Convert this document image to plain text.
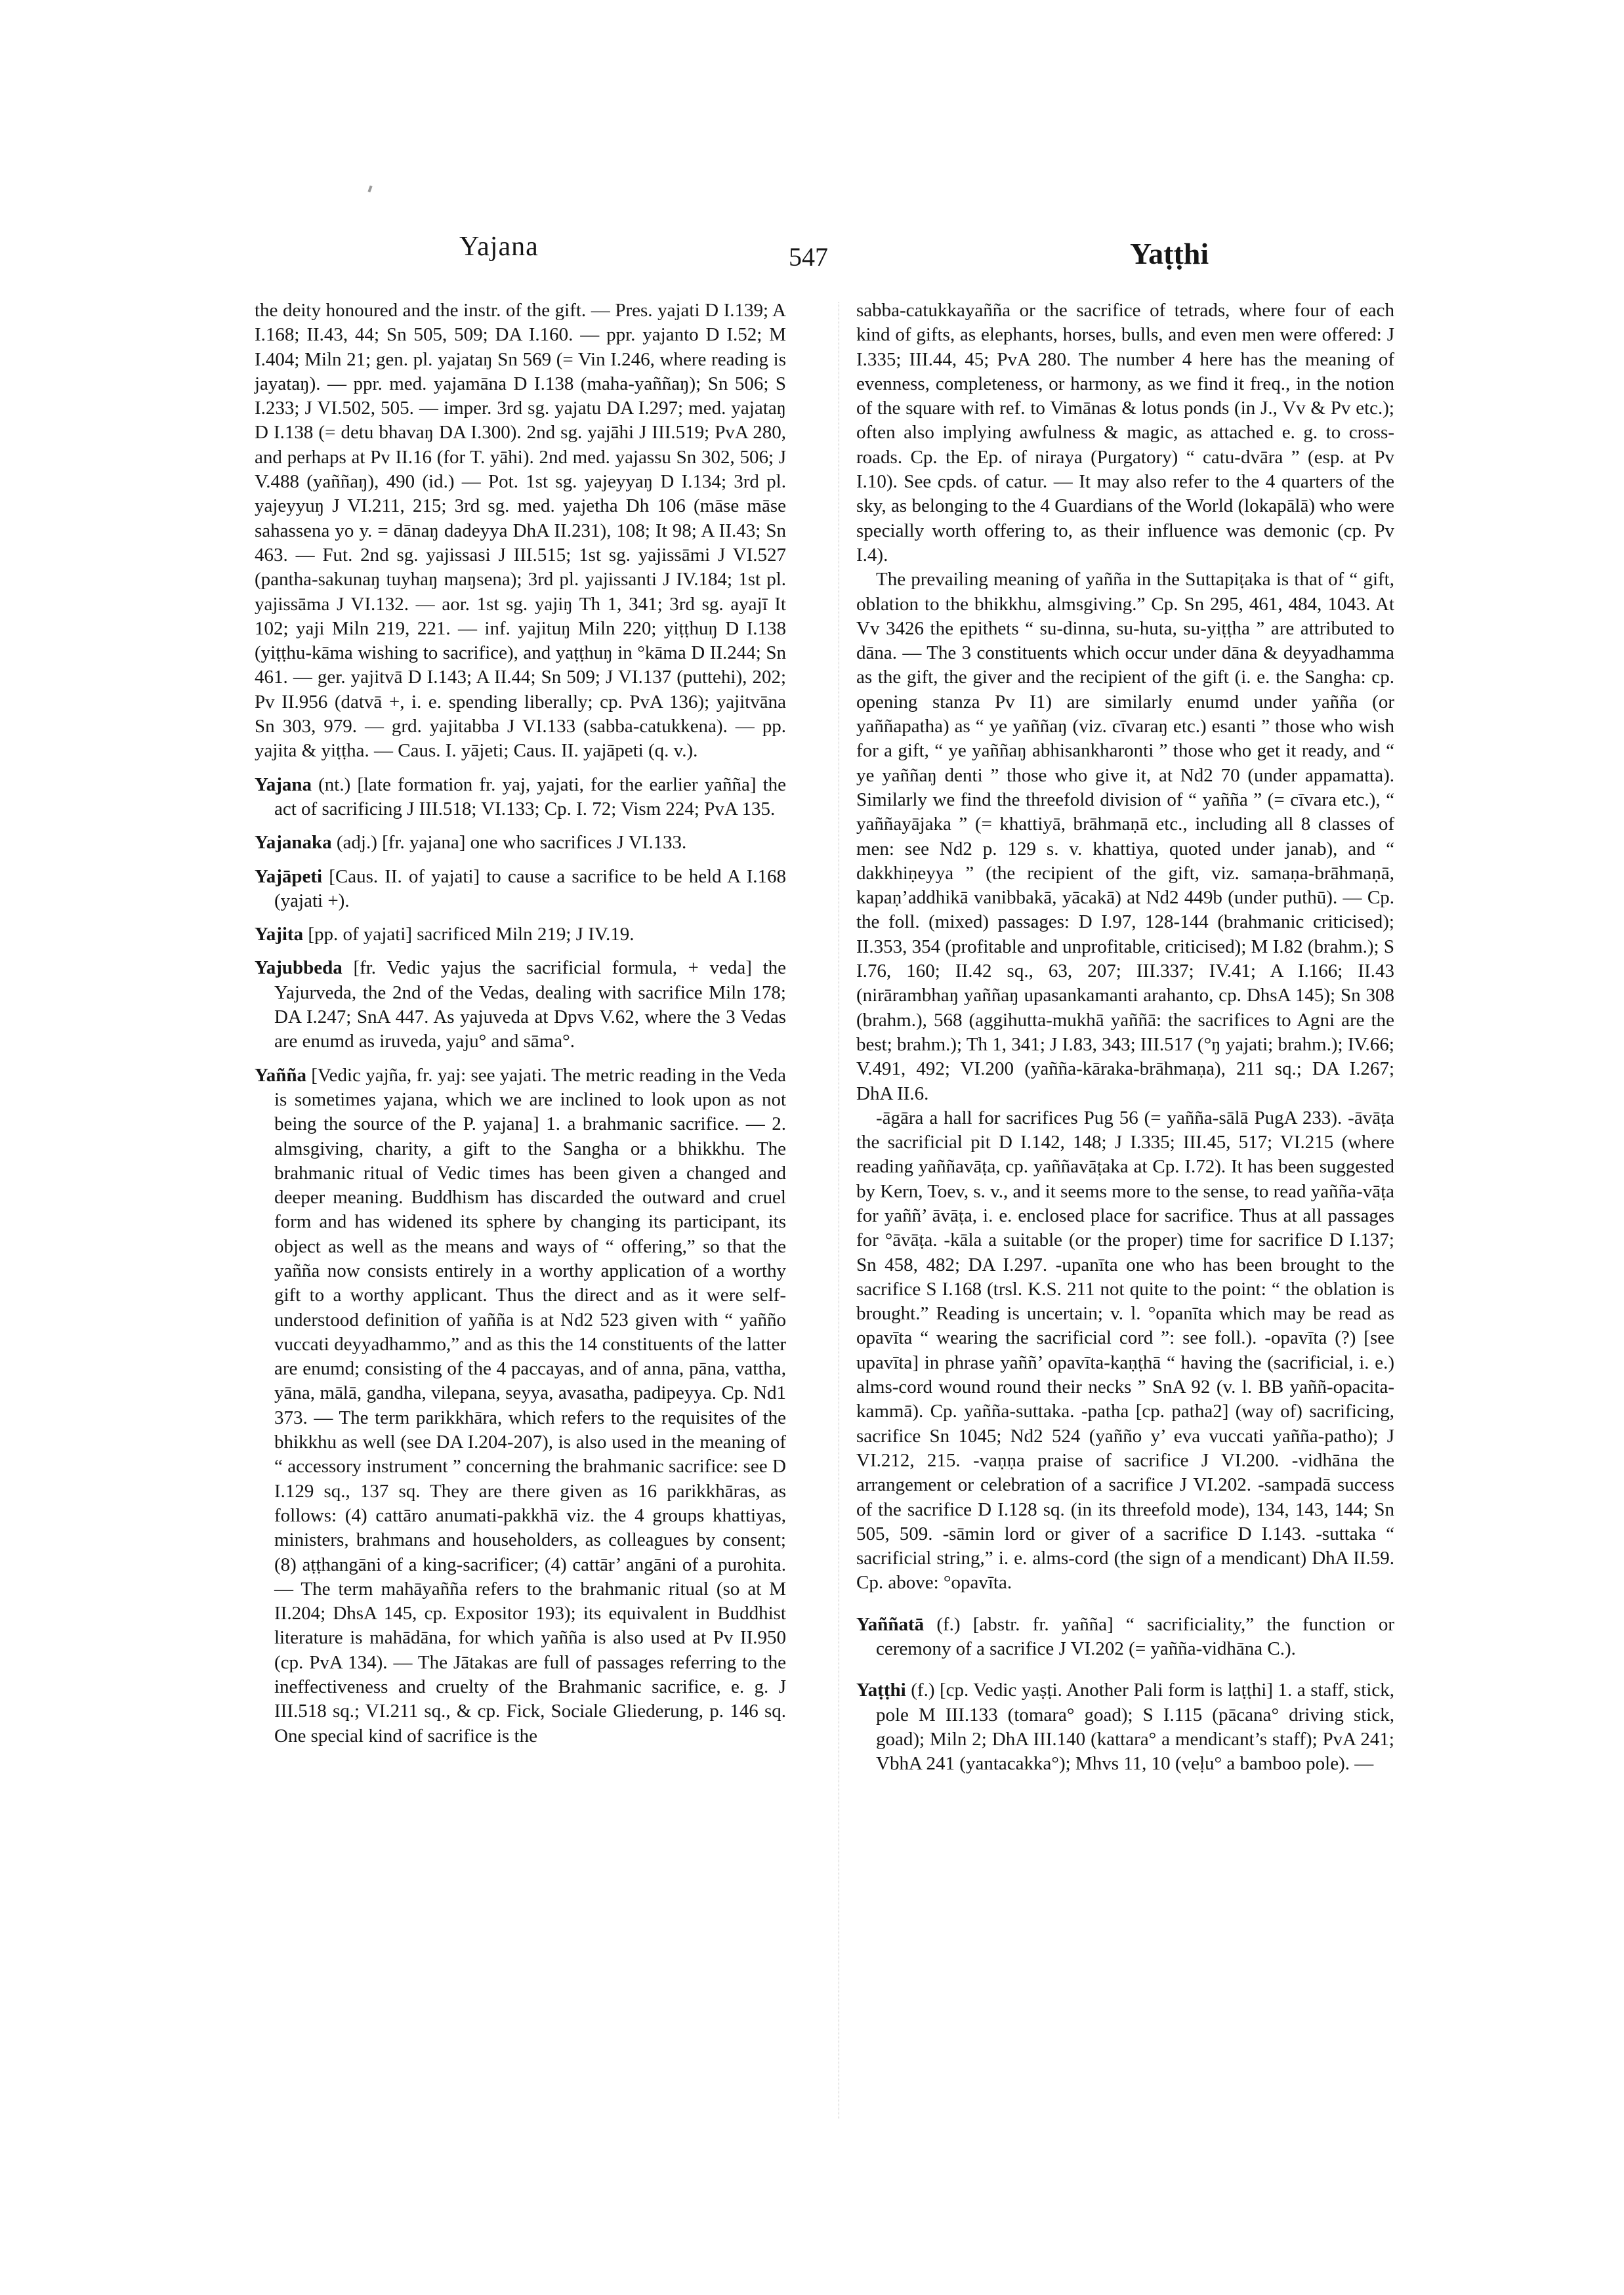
Yajana	547	Yaṭṭhi

the deity honoured and the instr. of the gift. — Pres. yajati D I.139; A I.168; II.43, 44; Sn 505, 509; DA I.160. — ppr. yajanto D I.52; M I.404; Miln 21; gen. pl. yajataŋ Sn 569 (= Vin I.246, where reading is jayataŋ). — ppr. med. yajamāna D I.138 (maha-yaññaŋ); Sn 506; S I.233; J VI.502, 505. — imper. 3rd sg. yajatu DA I.297; med. yajataŋ D I.138 (= detu bhavaŋ DA I.300). 2nd sg. yajāhi J III.519; PvA 280, and perhaps at Pv II.16 (for T. yāhi). 2nd med. yajassu Sn 302, 506; J V.488 (yaññaŋ), 490 (id.) — Pot. 1st sg. yajeyyaŋ D I.134; 3rd pl. yajeyyuŋ J VI.211, 215; 3rd sg. med. yajetha Dh 106 (māse māse sahassena yo y. = dānaŋ dadeyya DhA II.231), 108; It 98; A II.43; Sn 463. — Fut. 2nd sg. yajissasi J III.515; 1st sg. yajissāmi J VI.527 (pantha-sakunaŋ tuyhaŋ maŋsena); 3rd pl. yajissanti J IV.184; 1st pl. yajissāma J VI.132. — aor. 1st sg. yajiŋ Th 1, 341; 3rd sg. ayajī It 102; yaji Miln 219, 221. — inf. yajituŋ Miln 220; yiṭṭhuŋ D I.138 (yiṭṭhu-kāma wishing to sacrifice), and yaṭṭhuŋ in °kāma D II.244; Sn 461. — ger. yajitvā D I.143; A II.44; Sn 509; J VI.137 (puttehi), 202; Pv II.956 (datvā +, i. e. spending liberally; cp. PvA 136); yajitvāna Sn 303, 979. — grd. yajitabba J VI.133 (sabba-catukkena). — pp. yajita & yiṭṭha. — Caus. I. yājeti; Caus. II. yajāpeti (q. v.).

Yajana (nt.) [late formation fr. yaj, yajati, for the earlier yañña] the act of sacrificing J III.518; VI.133; Cp. I. 72; Vism 224; PvA 135.

Yajanaka (adj.) [fr. yajana] one who sacrifices J VI.133.

Yajāpeti [Caus. II. of yajati] to cause a sacrifice to be held A I.168 (yajati +).

Yajita [pp. of yajati] sacrificed Miln 219; J IV.19.

Yajubbeda [fr. Vedic yajus the sacrificial formula, + veda] the Yajurveda, the 2nd of the Vedas, dealing with sacrifice Miln 178; DA I.247; SnA 447. As yajuveda at Dpvs V.62, where the 3 Vedas are enumd as iruveda, yaju° and sāma°.

Yañña [Vedic yajña, fr. yaj: see yajati. The metric reading in the Veda is sometimes yajana, which we are inclined to look upon as not being the source of the P. yajana] 1. a brahmanic sacrifice. — 2. almsgiving, charity, a gift to the Sangha or a bhikkhu. The brahmanic ritual of Vedic times has been given a changed and deeper meaning. Buddhism has discarded the outward and cruel form and has widened its sphere by changing its participant, its object as well as the means and ways of “ offering,” so that the yañña now consists entirely in a worthy application of a worthy gift to a worthy applicant. Thus the direct and as it were self-understood definition of yañña is at Nd2 523 given with “ yañño vuccati deyyadhammo,” and as this the 14 constituents of the latter are enumd; consisting of the 4 paccayas, and of anna, pāna, vattha, yāna, mālā, gandha, vilepana, seyya, avasatha, padipeyya. Cp. Nd1 373. — The term parikkhāra, which refers to the requisites of the bhikkhu as well (see DA I.204-207), is also used in the meaning of “ accessory instrument ” concerning the brahmanic sacrifice: see D I.129 sq., 137 sq. They are there given as 16 parikkhāras, as follows: (4) cattāro anumati-pakkhā viz. the 4 groups khattiyas, ministers, brahmans and householders, as colleagues by consent; (8) aṭṭhangāni of a king-sacrificer; (4) cattār’ angāni of a purohita. — The term mahāyañña refers to the brahmanic ritual (so at M II.204; DhsA 145, cp. Expositor 193); its equivalent in Buddhist literature is mahādāna, for which yañña is also used at Pv II.950 (cp. PvA 134). — The Jātakas are full of passages referring to the ineffectiveness and cruelty of the Brahmanic sacrifice, e. g. J III.518 sq.; VI.211 sq., & cp. Fick, Sociale Gliederung, p. 146 sq. One special kind of sacrifice is the

sabba-catukkayañña or the sacrifice of tetrads, where four of each kind of gifts, as elephants, horses, bulls, and even men were offered: J I.335; III.44, 45; PvA 280. The number 4 here has the meaning of evenness, completeness, or harmony, as we find it freq., in the notion of the square with ref. to Vimānas & lotus ponds (in J., Vv & Pv etc.); often also implying awfulness & magic, as attached e. g. to cross-roads. Cp. the Ep. of niraya (Purgatory) “ catu-dvāra ” (esp. at Pv I.10). See cpds. of catur. — It may also refer to the 4 quarters of the sky, as belonging to the 4 Guardians of the World (lokapālā) who were specially worth offering to, as their influence was demonic (cp. Pv I.4).

The prevailing meaning of yañña in the Suttapiṭaka is that of “ gift, oblation to the bhikkhu, almsgiving.” Cp. Sn 295, 461, 484, 1043. At Vv 3426 the epithets “ su-dinna, su-huta, su-yiṭṭha ” are attributed to dāna. — The 3 constituents which occur under dāna & deyyadhamma as the gift, the giver and the recipient of the gift (i. e. the Sangha: cp. opening stanza Pv I1) are similarly enumd under yañña (or yaññapatha) as “ ye yaññaŋ (viz. cīvaraŋ etc.) esanti ” those who wish for a gift, “ ye yaññaŋ abhisankharonti ” those who get it ready, and “ ye yaññaŋ denti ” those who give it, at Nd2 70 (under appamatta). Similarly we find the threefold division of “ yañña ” (= cīvara etc.), “ yaññayājaka ” (= khattiyā, brāhmaṇā etc., including all 8 classes of men: see Nd2 p. 129 s. v. khattiya, quoted under janab), and “ dakkhiṇeyya ” (the recipient of the gift, viz. samaṇa-brāhmaṇā, kapaṇ’addhikā vanibbakā, yācakā) at Nd2 449b (under puthū). — Cp. the foll. (mixed) passages: D I.97, 128-144 (brahmanic criticised); II.353, 354 (profitable and unprofitable, criticised); M I.82 (brahm.); S I.76, 160; II.42 sq., 63, 207; III.337; IV.41; A I.166; II.43 (nirārambhaŋ yaññaŋ upasankamanti arahanto, cp. DhsA 145); Sn 308 (brahm.), 568 (aggihutta-mukhā yaññā: the sacrifices to Agni are the best; brahm.); Th 1, 341; J I.83, 343; III.517 (°ŋ yajati; brahm.); IV.66; V.491, 492; VI.200 (yañña-kāraka-brāhmaṇa), 211 sq.; DA I.267; DhA II.6.

-āgāra a hall for sacrifices Pug 56 (= yañña-sālā PugA 233). -āvāṭa the sacrificial pit D I.142, 148; J I.335; III.45, 517; VI.215 (where reading yaññavāṭa, cp. yaññavāṭaka at Cp. I.72). It has been suggested by Kern, Toev, s. v., and it seems more to the sense, to read yañña-vāṭa for yaññ’ āvāṭa, i. e. enclosed place for sacrifice. Thus at all passages for °āvāṭa. -kāla a suitable (or the proper) time for sacrifice D I.137; Sn 458, 482; DA I.297. -upanīta one who has been brought to the sacrifice S I.168 (trsl. K.S. 211 not quite to the point: “ the oblation is brought.” Reading is uncertain; v. l. °opanīta which may be read as opavīta “ wearing the sacrificial cord ”: see foll.). -opavīta (?) [see upavīta] in phrase yaññ’ opavīta-kaṇṭhā “ having the (sacrificial, i. e.) alms-cord wound round their necks ” SnA 92 (v. l. BB yaññ-opacita-kammā). Cp. yañña-suttaka. -patha [cp. patha2] (way of) sacrificing, sacrifice Sn 1045; Nd2 524 (yañño y’ eva vuccati yañña-patho); J VI.212, 215. -vaṇṇa praise of sacrifice J VI.200. -vidhāna the arrangement or celebration of a sacrifice J VI.202. -sampadā success of the sacrifice D I.128 sq. (in its threefold mode), 134, 143, 144; Sn 505, 509. -sāmin lord or giver of a sacrifice D I.143. -suttaka “ sacrificial string,” i. e. alms-cord (the sign of a mendicant) DhA II.59. Cp. above: °opavīta.

Yaññatā (f.) [abstr. fr. yañña] “ sacrificiality,” the function or ceremony of a sacrifice J VI.202 (= yañña-vidhāna C.).

Yaṭṭhi (f.) [cp. Vedic yaṣṭi. Another Pali form is laṭṭhi] 1. a staff, stick, pole M III.133 (tomara° goad); S I.115 (pācana° driving stick, goad); Miln 2; DhA III.140 (kattara° a mendicant’s staff); PvA 241; VbhA 241 (yantacakka°); Mhvs 11, 10 (veḷu° a bamboo pole). —
